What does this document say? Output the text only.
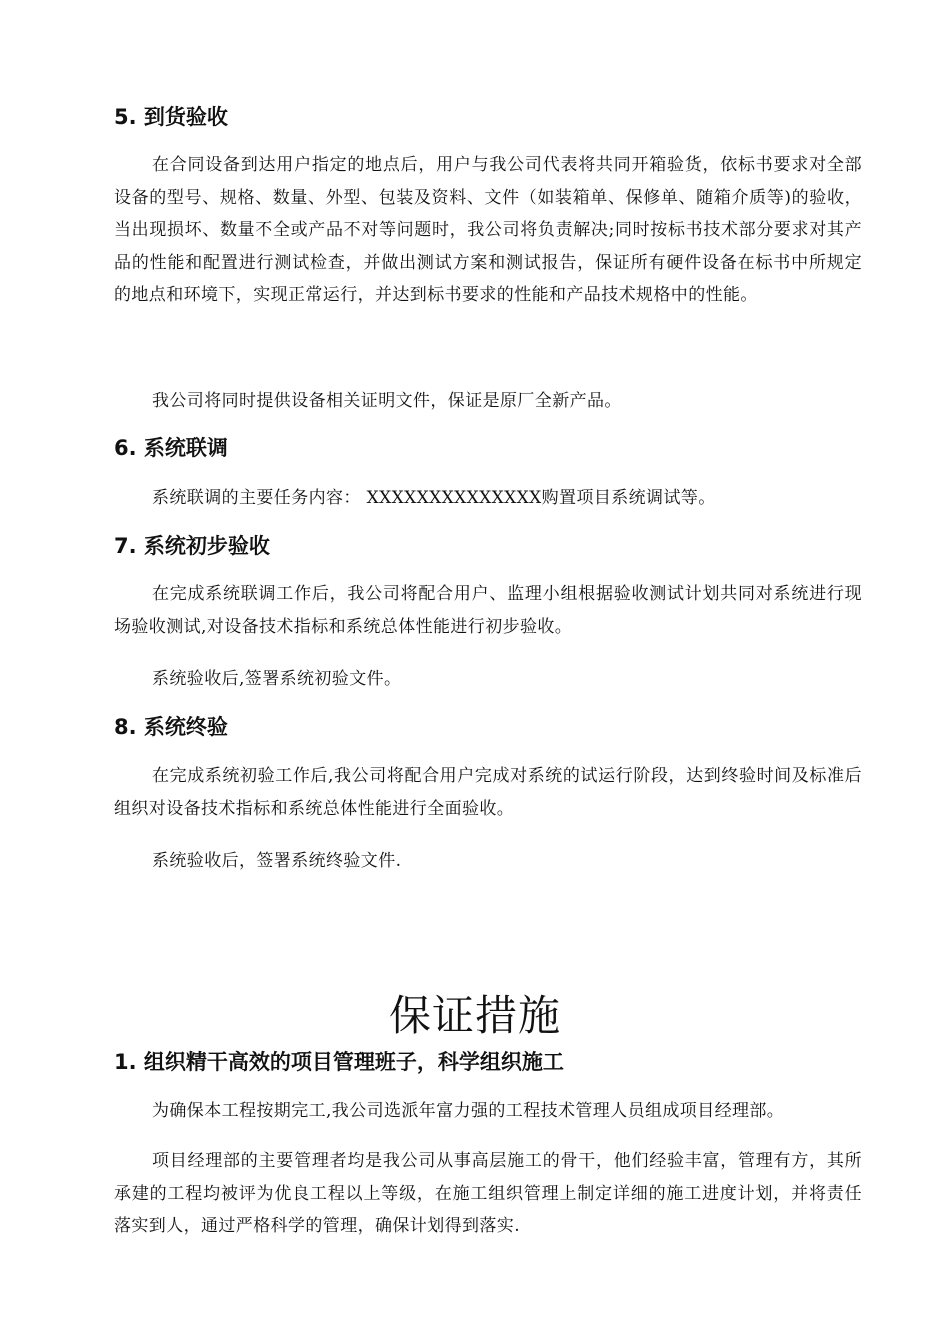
5. 到货验收

在合同设备到达用户指定的地点后，用户与我公司代表将共同开箱验货，依标书要求对全部设备的型号、规格、数量、外型、包装及资料、文件（如装箱单、保修单、随箱介质等)的验收，当出现损坏、数量不全或产品不对等问题时，我公司将负责解决;同时按标书技术部分要求对其产品的性能和配置进行测试检查，并做出测试方案和测试报告，保证所有硬件设备在标书中所规定的地点和环境下，实现正常运行，并达到标书要求的性能和产品技术规格中的性能。

我公司将同时提供设备相关证明文件，保证是原厂全新产品。

6. 系统联调

系统联调的主要任务内容： XXXXXXXXXXXXXX购置项目系统调试等。

7. 系统初步验收

在完成系统联调工作后，我公司将配合用户、监理小组根据验收测试计划共同对系统进行现场验收测试,对设备技术指标和系统总体性能进行初步验收。

系统验收后,签署系统初验文件。

8. 系统终验

在完成系统初验工作后,我公司将配合用户完成对系统的试运行阶段，达到终验时间及标准后组织对设备技术指标和系统总体性能进行全面验收。

系统验收后，签署系统终验文件.

保证措施
1. 组织精干高效的项目管理班子，科学组织施工

为确保本工程按期完工,我公司选派年富力强的工程技术管理人员组成项目经理部。

项目经理部的主要管理者均是我公司从事高层施工的骨干，他们经验丰富，管理有方，其所承建的工程均被评为优良工程以上等级，在施工组织管理上制定详细的施工进度计划，并将责任落实到人，通过严格科学的管理，确保计划得到落实.
